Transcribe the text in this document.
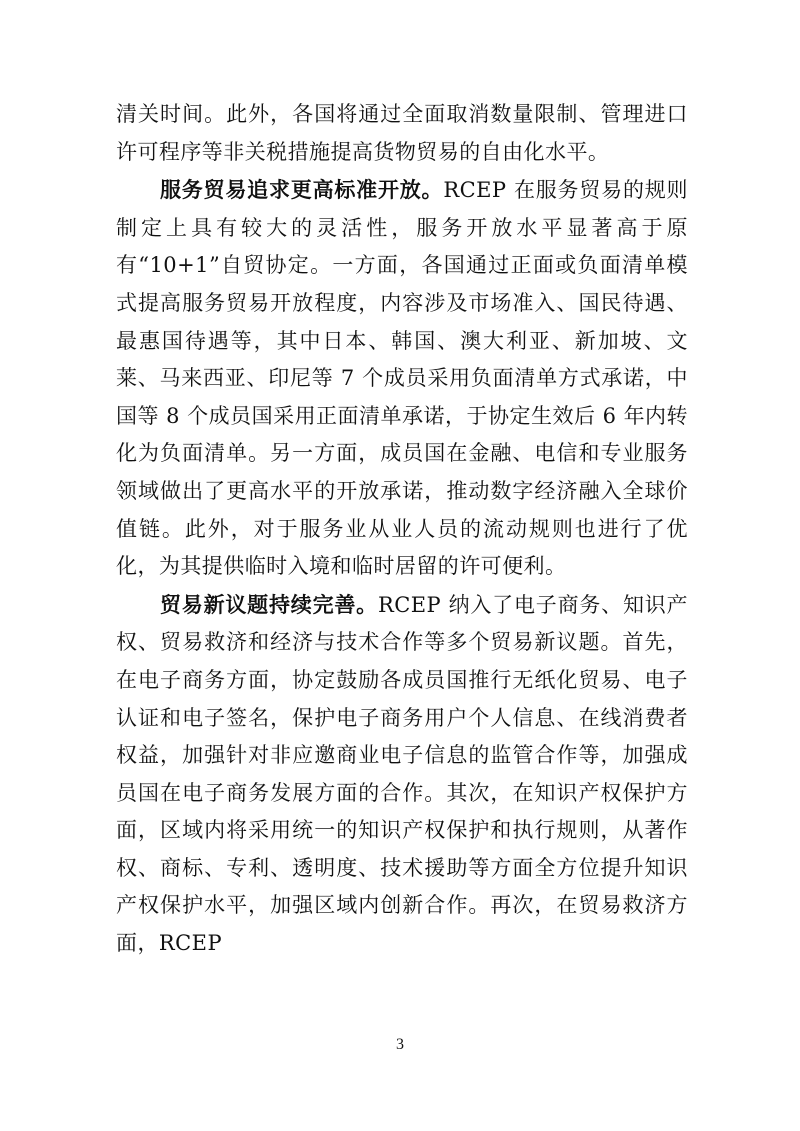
清关时间。此外，各国将通过全面取消数量限制、管理进口许可程序等非关税措施提高货物贸易的自由化水平。

服务贸易追求更高标准开放。RCEP 在服务贸易的规则制定上具有较大的灵活性，服务开放水平显著高于原有“10+1”自贸协定。一方面，各国通过正面或负面清单模式提高服务贸易开放程度，内容涉及市场准入、国民待遇、最惠国待遇等，其中日本、韩国、澳大利亚、新加坡、文莱、马来西亚、印尼等 7 个成员采用负面清单方式承诺，中国等 8 个成员国采用正面清单承诺，于协定生效后 6 年内转化为负面清单。另一方面，成员国在金融、电信和专业服务领域做出了更高水平的开放承诺，推动数字经济融入全球价值链。此外，对于服务业从业人员的流动规则也进行了优化，为其提供临时入境和临时居留的许可便利。

贸易新议题持续完善。RCEP 纳入了电子商务、知识产权、贸易救济和经济与技术合作等多个贸易新议题。首先，在电子商务方面，协定鼓励各成员国推行无纸化贸易、电子认证和电子签名，保护电子商务用户个人信息、在线消费者权益，加强针对非应邀商业电子信息的监管合作等，加强成员国在电子商务发展方面的合作。其次，在知识产权保护方面，区域内将采用统一的知识产权保护和执行规则，从著作权、商标、专利、透明度、技术援助等方面全方位提升知识产权保护水平，加强区域内创新合作。再次，在贸易救济方面，RCEP

3
